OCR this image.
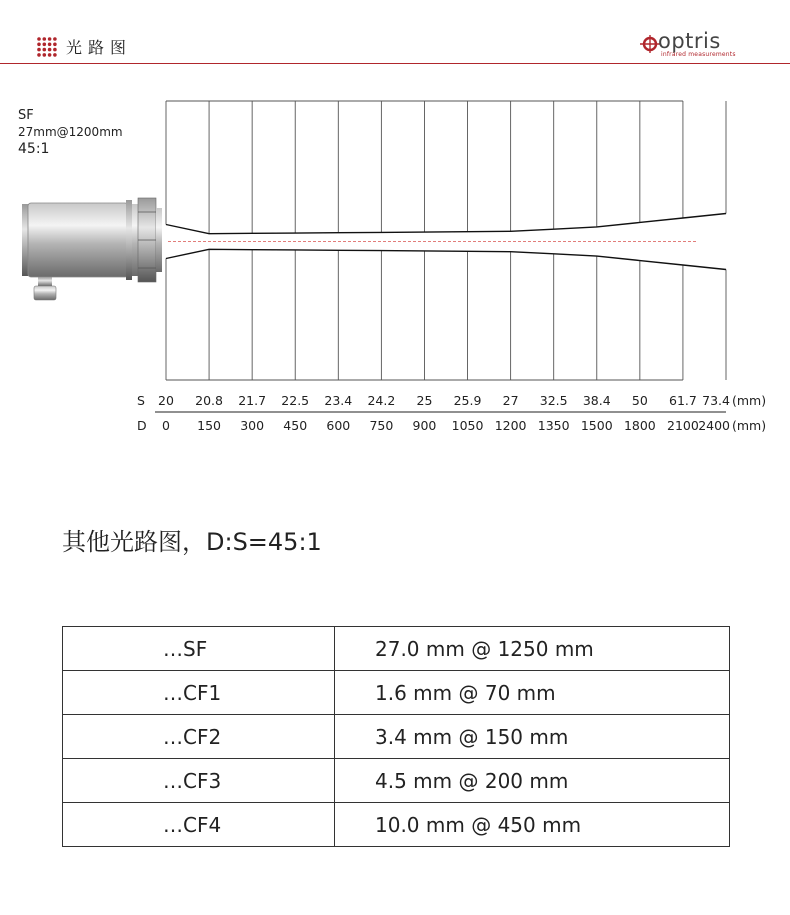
光路图	optris
infrared measurements
SF
27mm@1200mm
45:1
20 20.8 21.7 22.5 23.4 24.2 25 25.9 27 32.5 38.4 50 61.7 73.4
0 150 300 450 600 750 900 1050 1200 1350 1500 1800 2100 2400
S
D
(mm)
(mm)
其他光路图，D:S=45:1
…SF	27.0 mm @ 1250 mm
…CF1	1.6 mm @ 70 mm
…CF2	3.4 mm @ 150 mm
…CF3	4.5 mm @ 200 mm
…CF4	10.0 mm @ 450 mm
